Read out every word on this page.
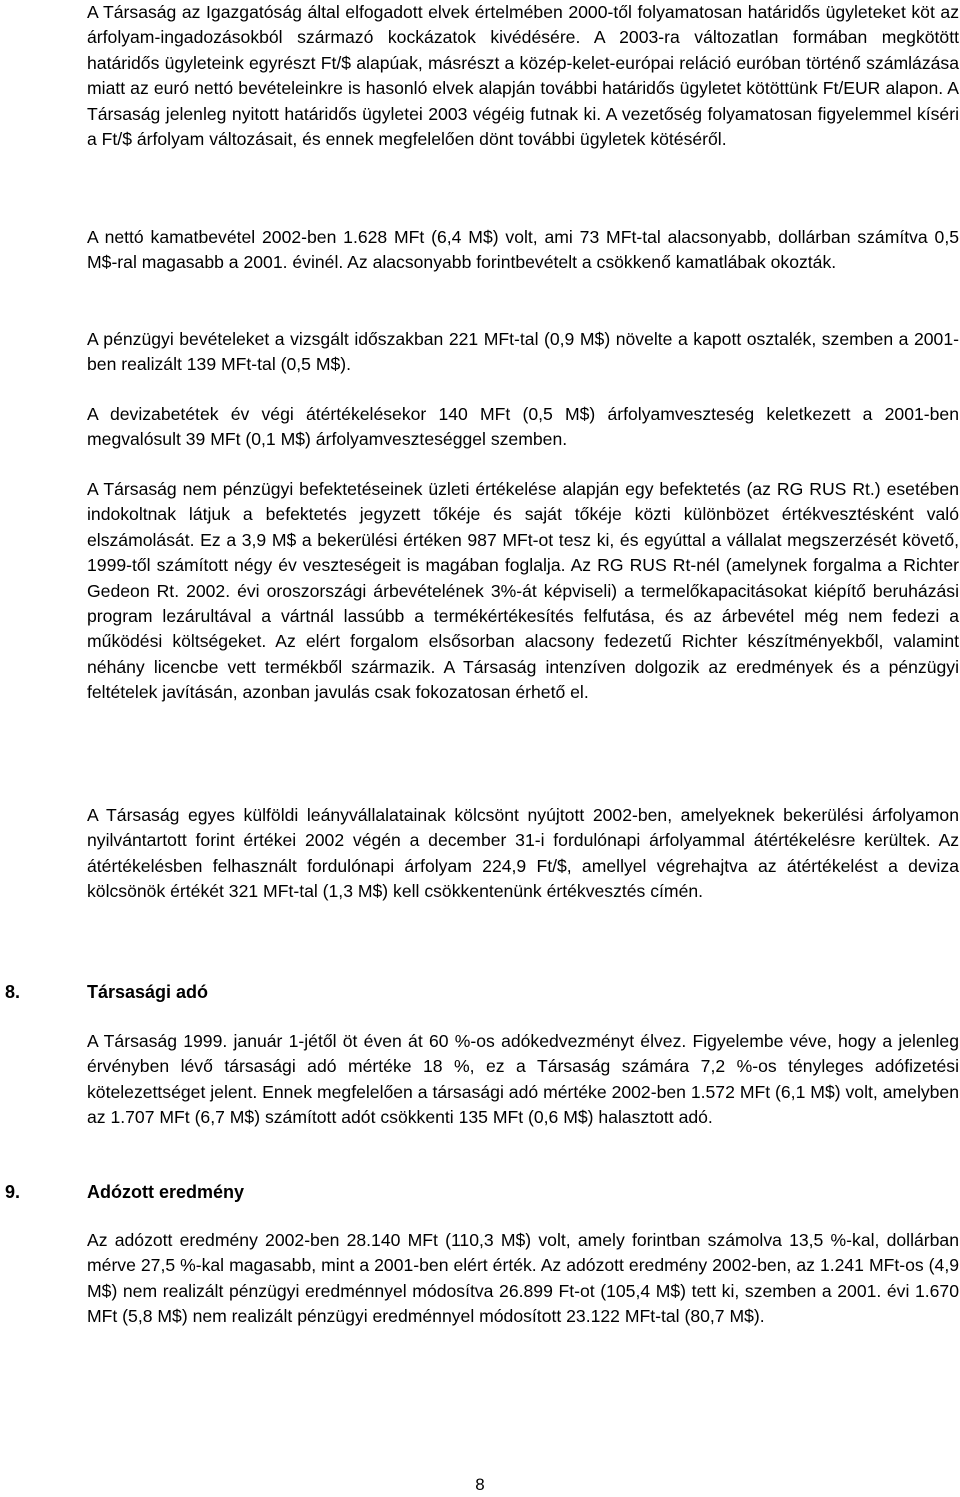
A Társaság az Igazgatóság által elfogadott elvek értelmében 2000-től folyamatosan határidős ügyleteket köt az árfolyam-ingadozásokból származó kockázatok kivédésére. A 2003-ra változatlan formában megkötött határidős ügyleteink egyrészt Ft/$ alapúak, másrészt a közép-kelet-európai reláció euróban történő számlázása miatt az euró nettó bevételeinkre is hasonló elvek alapján további határidős ügyletet kötöttünk Ft/EUR alapon. A Társaság jelenleg nyitott határidős ügyletei 2003 végéig futnak ki. A vezetőség folyamatosan figyelemmel kíséri a Ft/$ árfolyam változásait, és ennek megfelelően dönt további ügyletek kötéséről.

A nettó kamatbevétel 2002-ben 1.628 MFt (6,4 M$) volt, ami 73 MFt-tal alacsonyabb, dollárban számítva 0,5 M$-ral magasabb a 2001. évinél. Az alacsonyabb forintbevételt a csökkenő kamatlábak okozták.

A pénzügyi bevételeket a vizsgált időszakban 221 MFt-tal (0,9 M$) növelte a kapott osztalék, szemben a 2001-ben realizált 139 MFt-tal (0,5 M$).

A devizabetétek év végi átértékelésekor 140 MFt (0,5 M$) árfolyamveszteség keletkezett a 2001-ben megvalósult 39 MFt (0,1 M$) árfolyamveszteséggel szemben.

A Társaság nem pénzügyi befektetéseinek üzleti értékelése alapján egy befektetés (az RG RUS Rt.) esetében indokoltnak látjuk a befektetés jegyzett tőkéje és saját tőkéje közti különbözet értékvesztésként való elszámolását. Ez a 3,9 M$ a bekerülési értéken 987 MFt-ot tesz ki, és egyúttal a vállalat megszerzését követő, 1999-től számított négy év veszteségeit is magában foglalja. Az RG RUS Rt-nél (amelynek forgalma a Richter Gedeon Rt. 2002. évi oroszországi árbevételének 3%-át képviseli) a termelőkapacitásokat kiépítő beruházási program lezárultával a vártnál lassúbb a termékértékesítés felfutása, és az árbevétel még nem fedezi a működési költségeket. Az elért forgalom elsősorban alacsony fedezetű Richter készítményekből, valamint néhány licencbe vett termékből származik. A Társaság intenzíven dolgozik az eredmények és a pénzügyi feltételek javításán, azonban javulás csak fokozatosan érhető el.

A Társaság egyes külföldi leányvállalatainak kölcsönt nyújtott 2002-ben, amelyeknek bekerülési árfolyamon nyilvántartott forint értékei 2002 végén a december 31-i fordulónapi árfolyammal átértékelésre kerültek. Az átértékelésben felhasznált fordulónapi árfolyam 224,9 Ft/$, amellyel végrehajtva az átértékelést a deviza kölcsönök értékét 321 MFt-tal (1,3 M$) kell csökkentenünk értékvesztés címén.

8.	Társasági adó

A Társaság 1999. január 1-jétől öt éven át 60 %-os adókedvezményt élvez. Figyelembe véve, hogy a jelenleg érvényben lévő társasági adó mértéke 18 %, ez a Társaság számára 7,2 %-os tényleges adófizetési kötelezettséget jelent. Ennek megfelelően a társasági adó mértéke 2002-ben 1.572 MFt (6,1 M$) volt, amelyben az 1.707 MFt (6,7 M$) számított adót csökkenti 135 MFt (0,6 M$) halasztott adó.

9.	Adózott eredmény

Az adózott eredmény 2002-ben 28.140 MFt (110,3 M$) volt, amely forintban számolva 13,5 %-kal, dollárban mérve 27,5 %-kal magasabb, mint a 2001-ben elért érték. Az adózott eredmény 2002-ben, az 1.241 MFt-os (4,9 M$) nem realizált pénzügyi eredménnyel módosítva 26.899 Ft-ot (105,4 M$) tett ki, szemben a 2001. évi 1.670 MFt (5,8 M$) nem realizált pénzügyi eredménnyel módosított 23.122 MFt-tal (80,7 M$).

8
